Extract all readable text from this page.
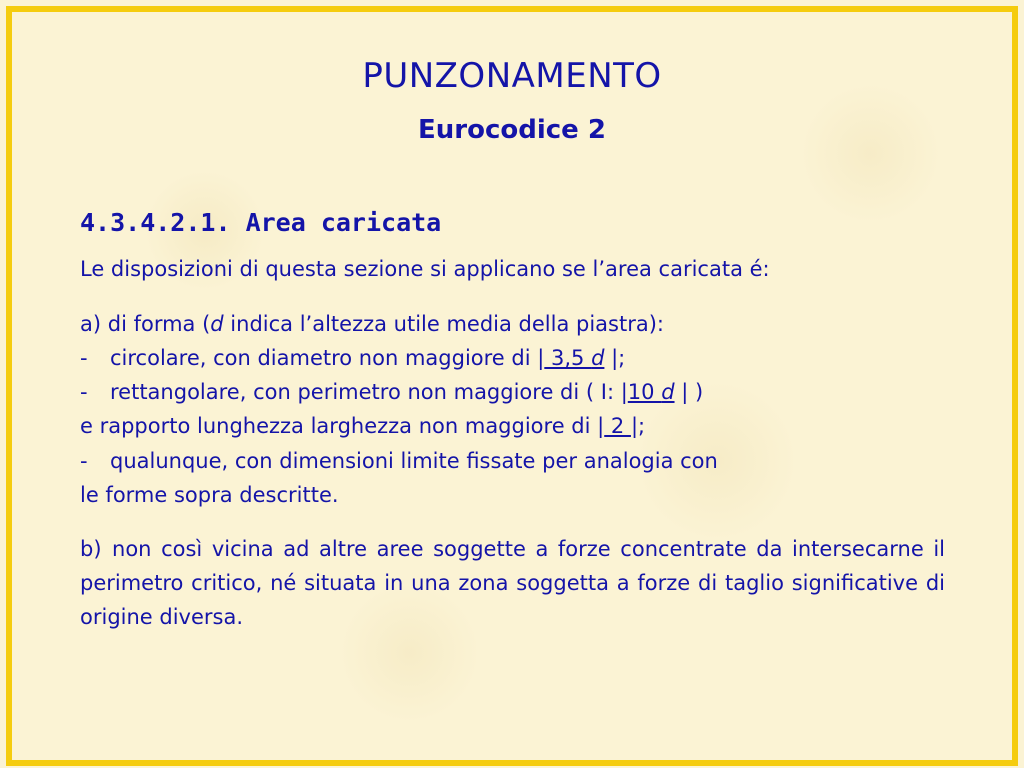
PUNZONAMENTO
Eurocodice 2
4.3.4.2.1. Area caricata
Le disposizioni di questa sezione si applicano se l’area caricata é:
a) di forma (d indica l’altezza utile media della piastra):
- circolare, con diametro non maggiore di | 3,5 d |;
- rettangolare, con perimetro non maggiore di ( I: |10 d | )
e rapporto lunghezza larghezza non maggiore di | 2 |;
- qualunque, con dimensioni limite fissate per analogia con
le forme sopra descritte.
b) non così vicina ad altre aree soggette a forze concentrate da intersecarne il perimetro critico, né situata in una zona soggetta a forze di taglio significative di origine diversa.
